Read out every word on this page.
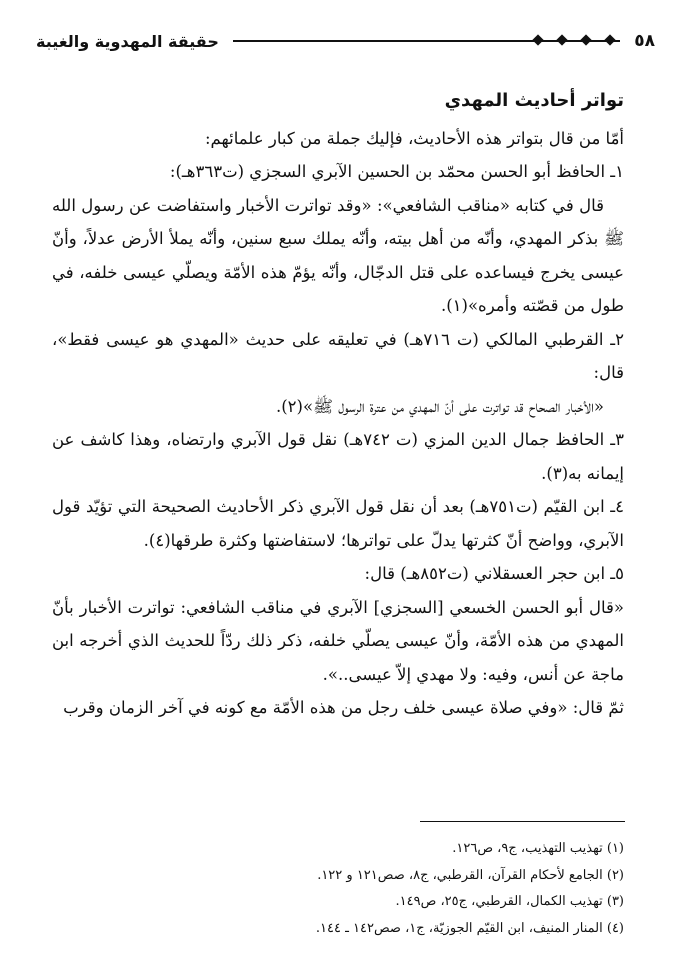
٥٨
حقيقة المهدوية والغيبة

تواتر أحاديث المهدي

أمّا من قال بتواتر هذه الأحاديث، فإليك جملة من كبار علمائهم:

١ـ الحافظ أبو الحسن محمّد بن الحسين الآبري السجزي (ت٣٦٣هـ):

قال في كتابه «مناقب الشافعي»: «وقد تواترت الأخبار واستفاضت عن رسول الله ﷺ بذكر المهدي، وأنّه من أهل بيته، وأنّه يملك سبع سنين، وأنّه يملأ الأرض عدلاً، وأنّ عيسى يخرج فيساعده على قتل الدجّال، وأنّه يؤمّ هذه الأمّة ويصلّي عيسى خلفه، في طول من قصّته وأمره»(١).

٢ـ القرطبي المالكي (ت ٧١٦هـ) في تعليقه على حديث «المهدي هو عيسى فقط»، قال:

«الأخبار الصحاح قد تواترت على أنّ المهدي من عترة الرسول ﷺ»(٢).

٣ـ الحافظ جمال الدين المزي (ت ٧٤٢هـ) نقل قول الآبري وارتضاه، وهذا كاشف عن إيمانه به(٣).

٤ـ ابن القيّم (ت٧٥١هـ) بعد أن نقل قول الآبري ذكر الأحاديث الصحيحة التي تؤيّد قول الآبري، وواضح أنّ كثرتها يدلّ على تواترها؛ لاستفاضتها وكثرة طرقها(٤).

٥ـ ابن حجر العسقلاني (ت٨٥٢هـ) قال:

«قال أبو الحسن الخسعي [السجزي] الآبري في مناقب الشافعي: تواترت الأخبار بأنّ المهدي من هذه الأمّة، وأنّ عيسى يصلّي خلفه، ذكر ذلك ردّاً للحديث الذي أخرجه ابن ماجة عن أنس، وفيه: ولا مهدي إلاّ عيسى..».

ثمّ قال: «وفي صلاة عيسى خلف رجل من هذه الأمّة مع كونه في آخر الزمان وقرب

(١) تهذيب التهذيب، ج٩، ص١٢٦.
(٢) الجامع لأحكام القرآن، القرطبي، ج٨، صص١٢١ و ١٢٢.
(٣) تهذيب الكمال، القرطبي، ج٢٥، ص١٤٩.
(٤) المنار المنيف، ابن القيّم الجوزيّة، ج١، صص١٤٢ ـ ١٤٤.
